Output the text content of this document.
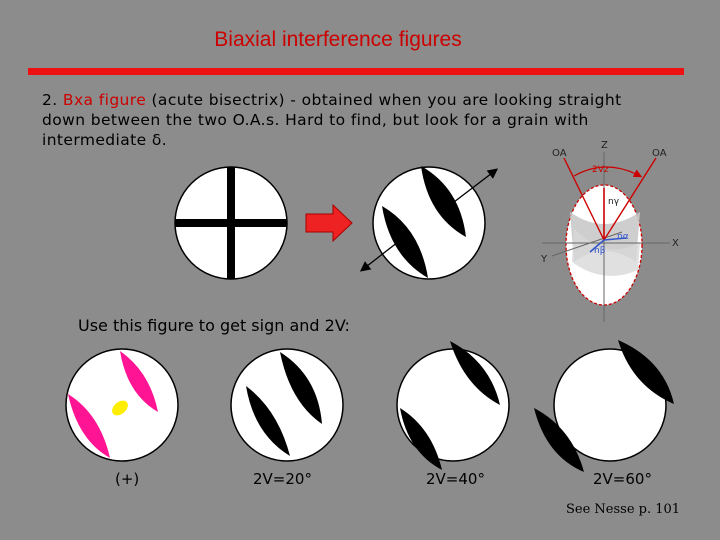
Biaxial interference figures
2. Bxa figure (acute bisectrix) - obtained when you are looking straight
down between the two O.A.s. Hard to find, but look for a grain with
intermediate δ.	Z
OA	OA
2Vz
nγ
nα
nβ
X
Y
Use this figure to get sign and 2V:
(+)	2V=20°	2V=40°	2V=60°
See Nesse p. 101
